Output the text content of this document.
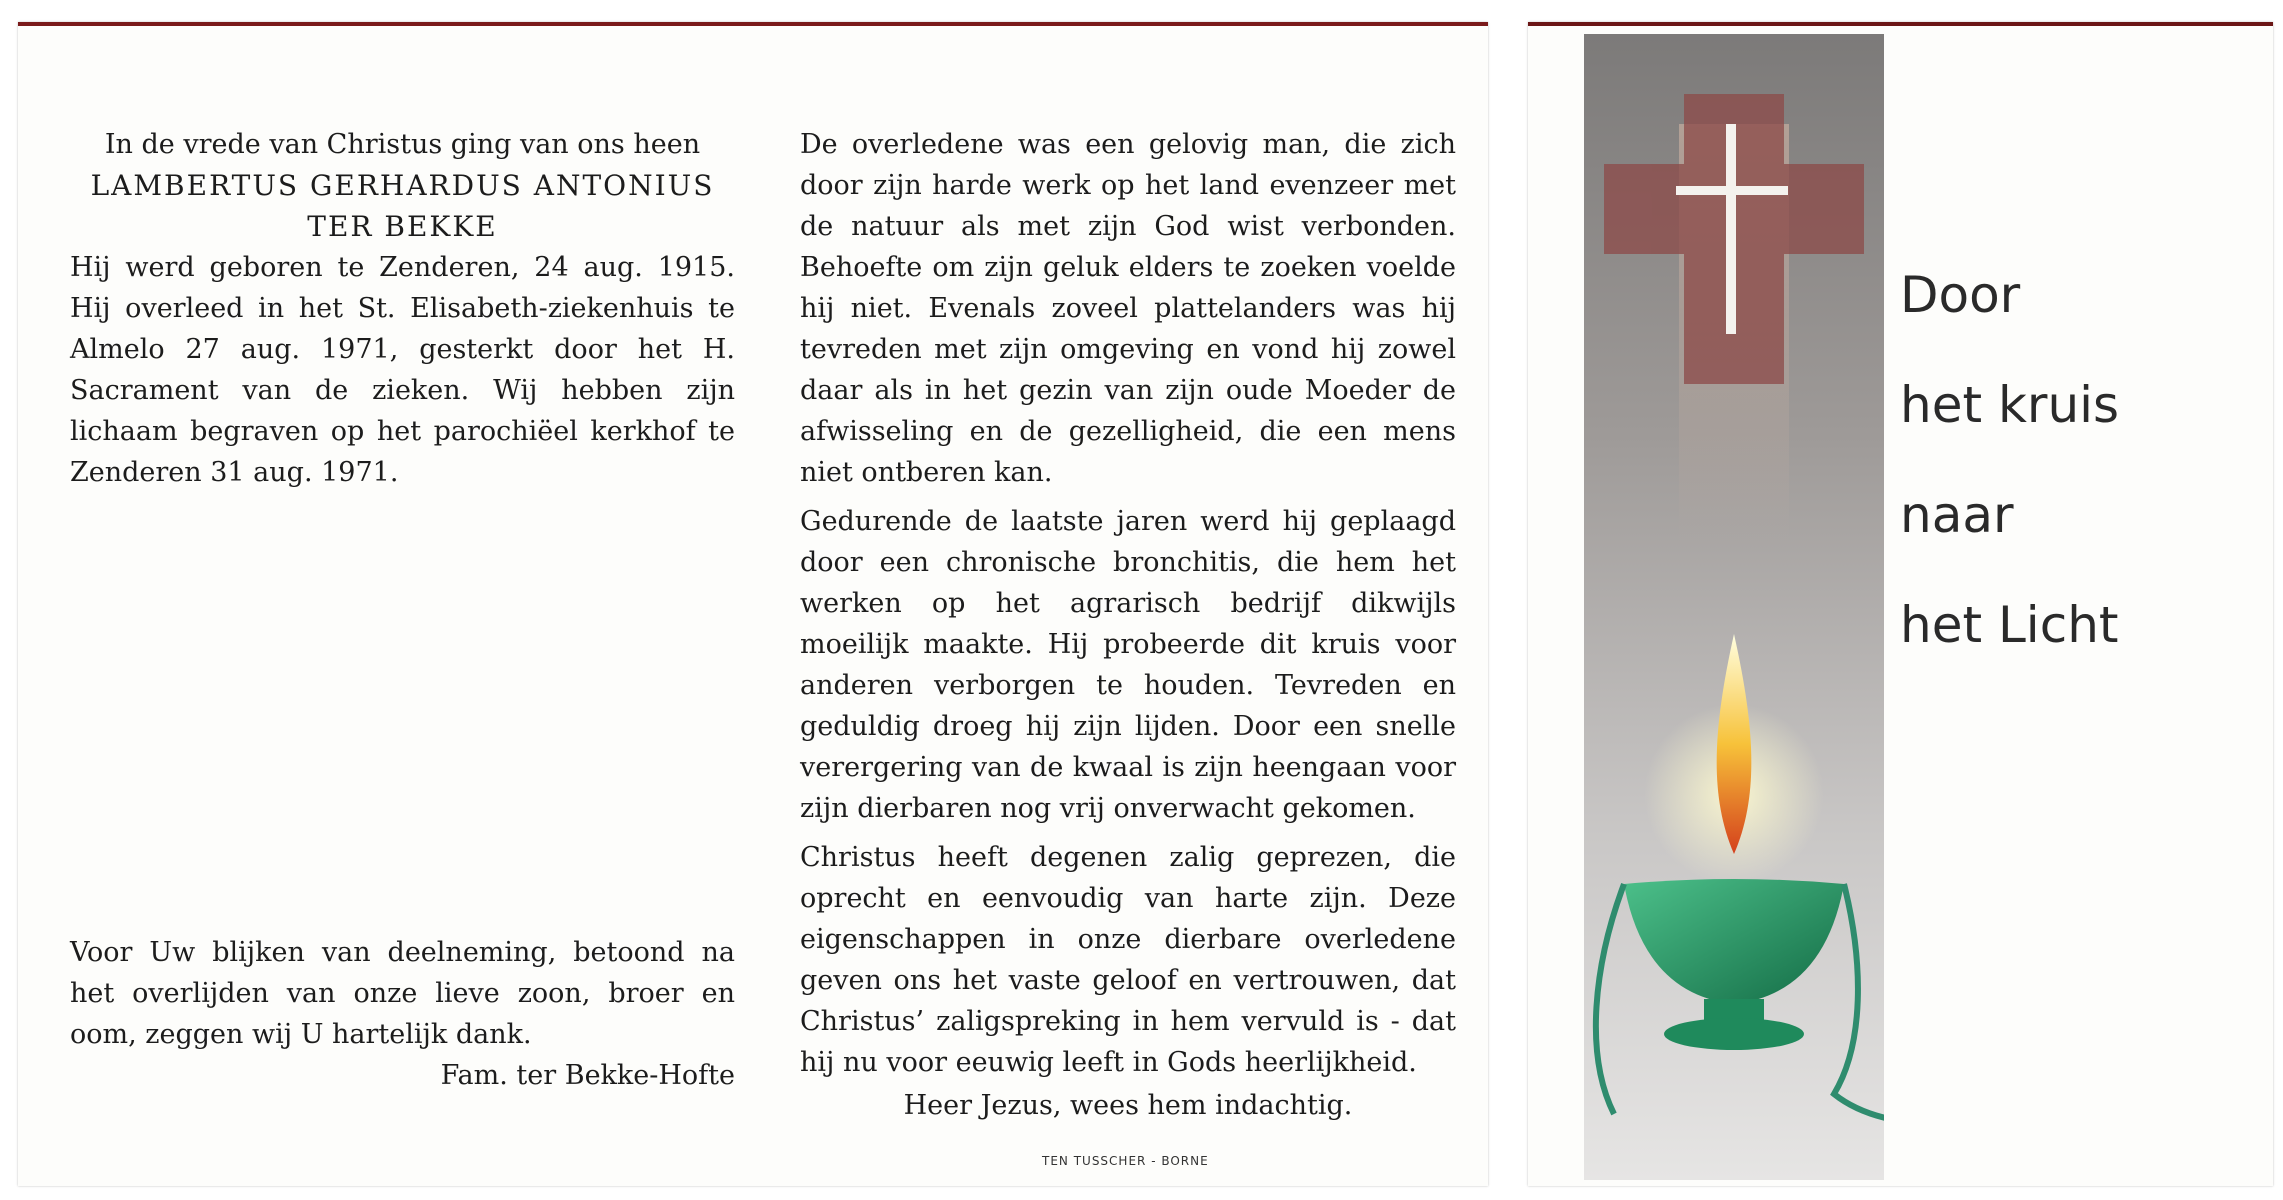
In de vrede van Christus ging van ons heen
LAMBERTUS GERHARDUS ANTONIUS
TER BEKKE

Hij werd geboren te Zenderen, 24 aug. 1915. Hij overleed in het St. Elisabeth-ziekenhuis te Almelo 27 aug. 1971, gesterkt door het H. Sacrament van de zieken. Wij hebben zijn lichaam begraven op het parochiëel kerkhof te Zenderen 31 aug. 1971.

Voor Uw blijken van deelneming, betoond na het overlijden van onze lieve zoon, broer en oom, zeggen wij U hartelijk dank.

Fam. ter Bekke-Hofte

De overledene was een gelovig man, die zich door zijn harde werk op het land evenzeer met de natuur als met zijn God wist verbonden. Behoefte om zijn geluk elders te zoeken voelde hij niet. Evenals zoveel plattelanders was hij tevreden met zijn omgeving en vond hij zowel daar als in het gezin van zijn oude Moeder de afwisseling en de gezelligheid, die een mens niet ontberen kan.

Gedurende de laatste jaren werd hij geplaagd door een chronische bronchitis, die hem het werken op het agrarisch bedrijf dikwijls moeilijk maakte. Hij probeerde dit kruis voor anderen verborgen te houden. Tevreden en geduldig droeg hij zijn lijden. Door een snelle verergering van de kwaal is zijn heengaan voor zijn dierbaren nog vrij onverwacht gekomen.

Christus heeft degenen zalig geprezen, die oprecht en eenvoudig van harte zijn. Deze eigenschappen in onze dierbare overledene geven ons het vaste geloof en vertrouwen, dat Christus’ zaligspreking in hem vervuld is - dat hij nu voor eeuwig leeft in Gods heerlijkheid.

Heer Jezus, wees hem indachtig.
TEN TUSSCHER - BORNE
Door
het kruis
naar
het Licht
